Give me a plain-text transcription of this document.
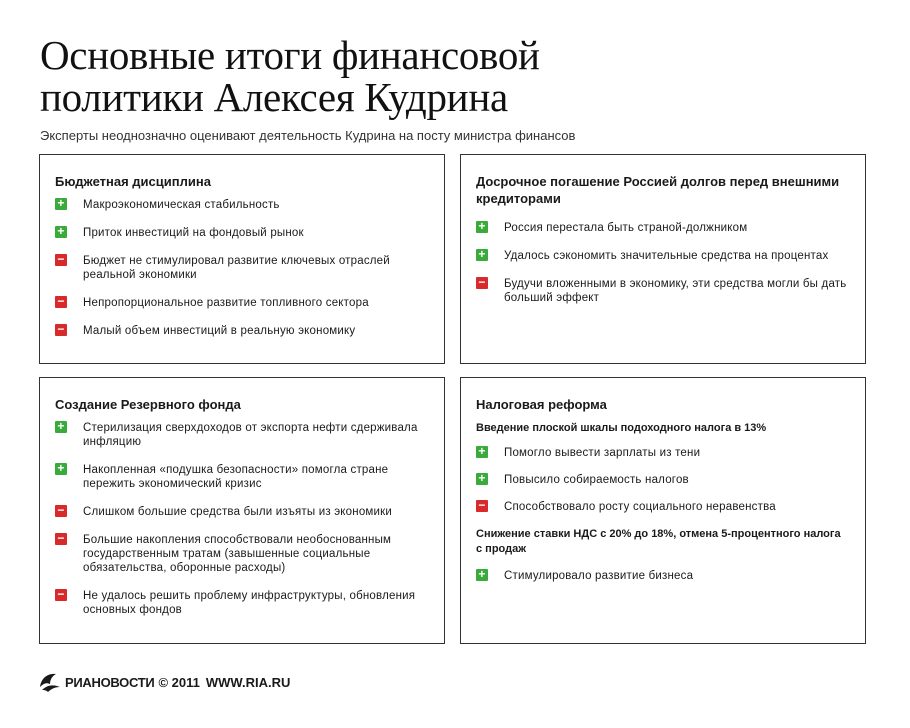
Основные итоги финансовой
политики Алексея Кудрина

Эксперты неоднозначно оценивают деятельность Кудрина на посту министра финансов

Бюджетная дисциплина
+ Макроэкономическая стабильность
+ Приток инвестиций на фондовый рынок
− Бюджет не стимулировал развитие ключевых отраслей реальной экономики
− Непропорциональное развитие топливного сектора
− Малый объем инвестиций в реальную экономику
Досрочное погашение Россией долгов перед внешними кредиторами
+ Россия перестала быть страной-должником
+ Удалось сэкономить значительные средства на процентах
− Будучи вложенными в экономику, эти средства могли бы дать больший эффект
Создание Резервного фонда
+ Стерилизация сверхдоходов от экспорта нефти сдерживала инфляцию
+ Накопленная «подушка безопасности» помогла стране пережить экономический кризис
− Слишком большие средства были изъяты из экономики
− Большие накопления способствовали необоснованным государственным тратам (завышенные социальные обязательства, оборонные расходы)
− Не удалось решить проблему инфраструктуры, обновления основных фондов
Налоговая реформа
Введение плоской шкалы подоходного налога в 13%
+ Помогло вывести зарплаты из тени
+ Повысило собираемость налогов
− Способствовало росту социального неравенства
Снижение ставки НДС с 20% до 18%, отмена 5-процентного налога с продаж
+ Стимулировало развитие бизнеса
РИАНОВОСТИ © 2011 WWW.RIA.RU
